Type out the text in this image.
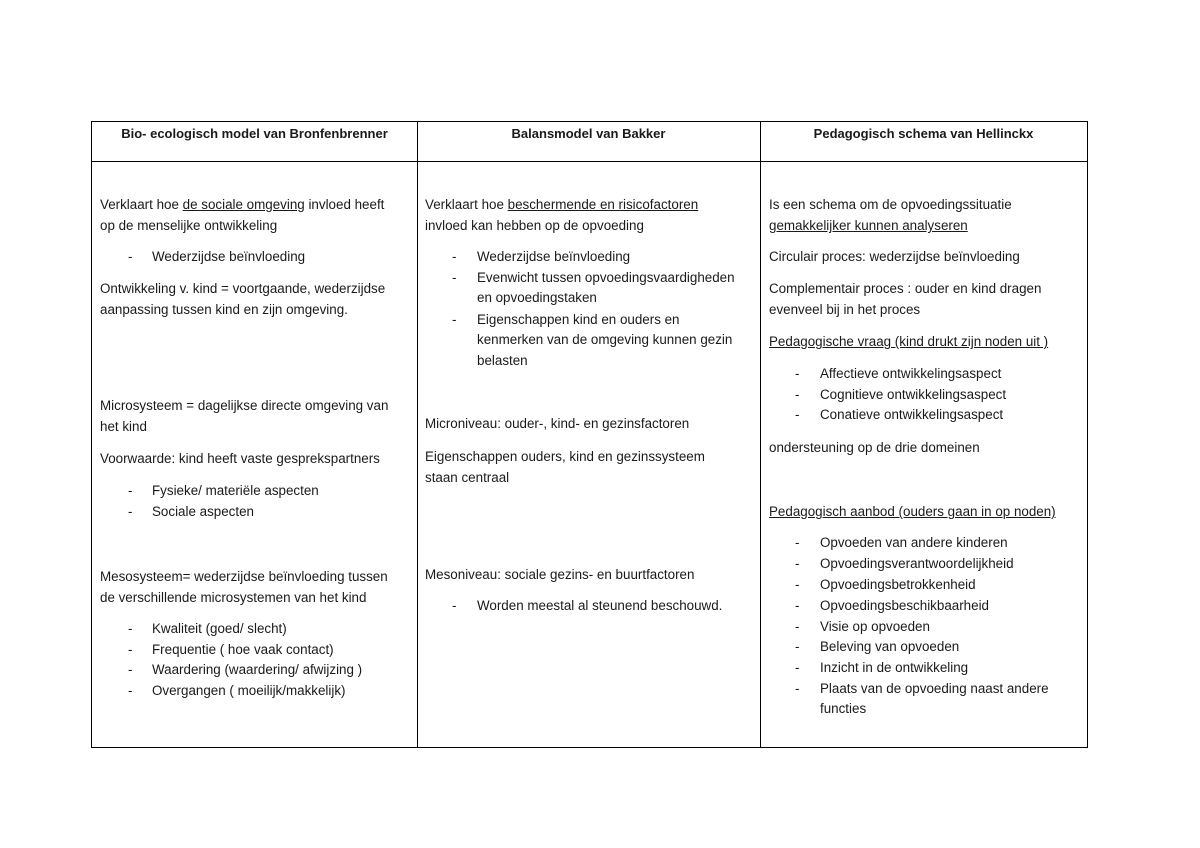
Bio- ecologisch model van Bronfenbrenner	Balansmodel van Bakker	Pedagogisch schema van Hellinckx
Verklaart hoe de sociale omgeving invloed heeft
op de menselijke ontwikkeling
- Wederzijdse beïnvloeding
Ontwikkeling v. kind = voortgaande, wederzijdse
aanpassing tussen kind en zijn omgeving.
Microsysteem = dagelijkse directe omgeving van
het kind
Voorwaarde: kind heeft vaste gesprekspartners
- Fysieke/ materiële aspecten
- Sociale aspecten
Mesosysteem= wederzijdse beïnvloeding tussen
de verschillende microsystemen van het kind
- Kwaliteit (goed/ slecht)
- Frequentie ( hoe vaak contact)
- Waardering (waardering/ afwijzing )
- Overgangen ( moeilijk/makkelijk)
Verklaart hoe beschermende en risicofactoren
invloed kan hebben op de opvoeding
- Wederzijdse beïnvloeding
- Evenwicht tussen opvoedingsvaardigheden
en opvoedingstaken
- Eigenschappen kind en ouders en
kenmerken van de omgeving kunnen gezin
belasten
Microniveau: ouder-, kind- en gezinsfactoren
Eigenschappen ouders, kind en gezinssysteem
staan centraal
Mesoniveau: sociale gezins- en buurtfactoren
- Worden meestal al steunend beschouwd.
Is een schema om de opvoedingssituatie
gemakkelijker kunnen analyseren
Circulair proces: wederzijdse beïnvloeding
Complementair proces : ouder en kind dragen
evenveel bij in het proces
Pedagogische vraag (kind drukt zijn noden uit )
- Affectieve ontwikkelingsaspect
- Cognitieve ontwikkelingsaspect
- Conatieve ontwikkelingsaspect
ondersteuning op de drie domeinen
Pedagogisch aanbod (ouders gaan in op noden)
- Opvoeden van andere kinderen
- Opvoedingsverantwoordelijkheid
- Opvoedingsbetrokkenheid
- Opvoedingsbeschikbaarheid
- Visie op opvoeden
- Beleving van opvoeden
- Inzicht in de ontwikkeling
- Plaats van de opvoeding naast andere
functies
